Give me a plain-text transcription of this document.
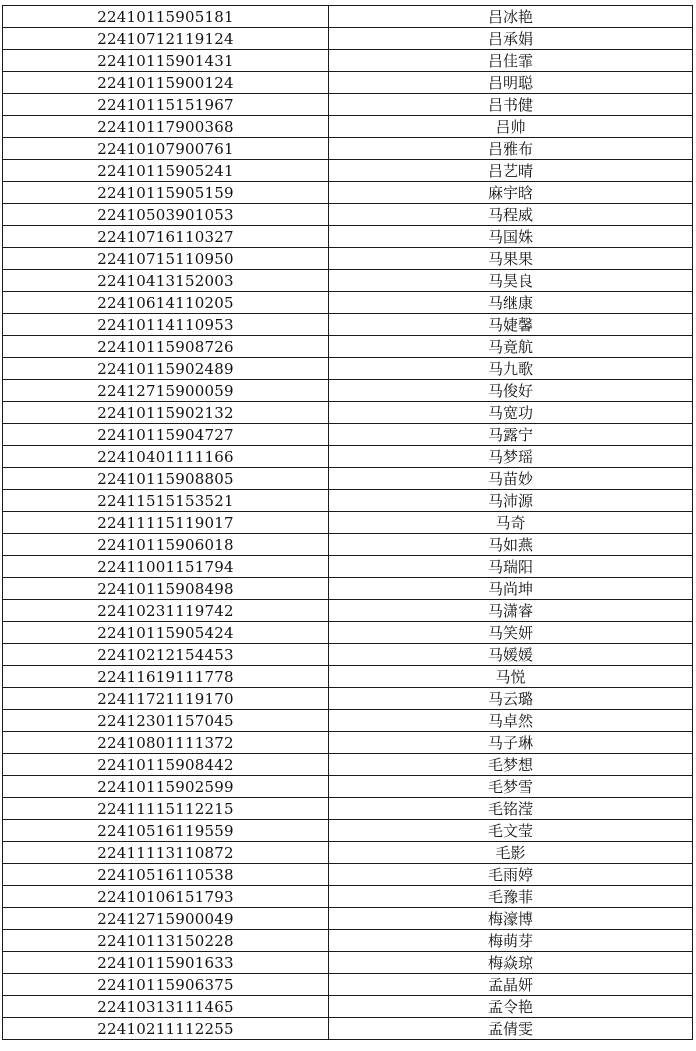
22410115905181	吕冰艳
22410712119124	吕承娟
22410115901431	吕佳霏
22410115900124	吕明聪
22410115151967	吕书健
22410117900368	吕帅
22410107900761	吕雅布
22410115905241	吕艺晴
22410115905159	麻宇晗
22410503901053	马程威
22410716110327	马国姝
22410715110950	马果果
22410413152003	马昊良
22410614110205	马继康
22410114110953	马婕馨
22410115908726	马竟航
22410115902489	马九歌
22412715900059	马俊好
22410115902132	马宽功
22410115904727	马露宁
22410401111166	马梦瑶
22410115908805	马苗妙
22411515153521	马沛源
22411115119017	马奇
22410115906018	马如燕
22411001151794	马瑞阳
22410115908498	马尚坤
22410231119742	马潇睿
22410115905424	马笑妍
22410212154453	马媛媛
22411619111778	马悦
22411721119170	马云璐
22412301157045	马卓然
22410801111372	马子琳
22410115908442	毛梦想
22410115902599	毛梦雪
22411115112215	毛铭滢
22410516119559	毛文莹
22411113110872	毛影
22410516110538	毛雨婷
22410106151793	毛豫菲
22412715900049	梅濠博
22410113150228	梅萌芽
22410115901633	梅焱琼
22410115906375	孟晶妍
22410313111465	孟令艳
22410211112255	孟倩雯
